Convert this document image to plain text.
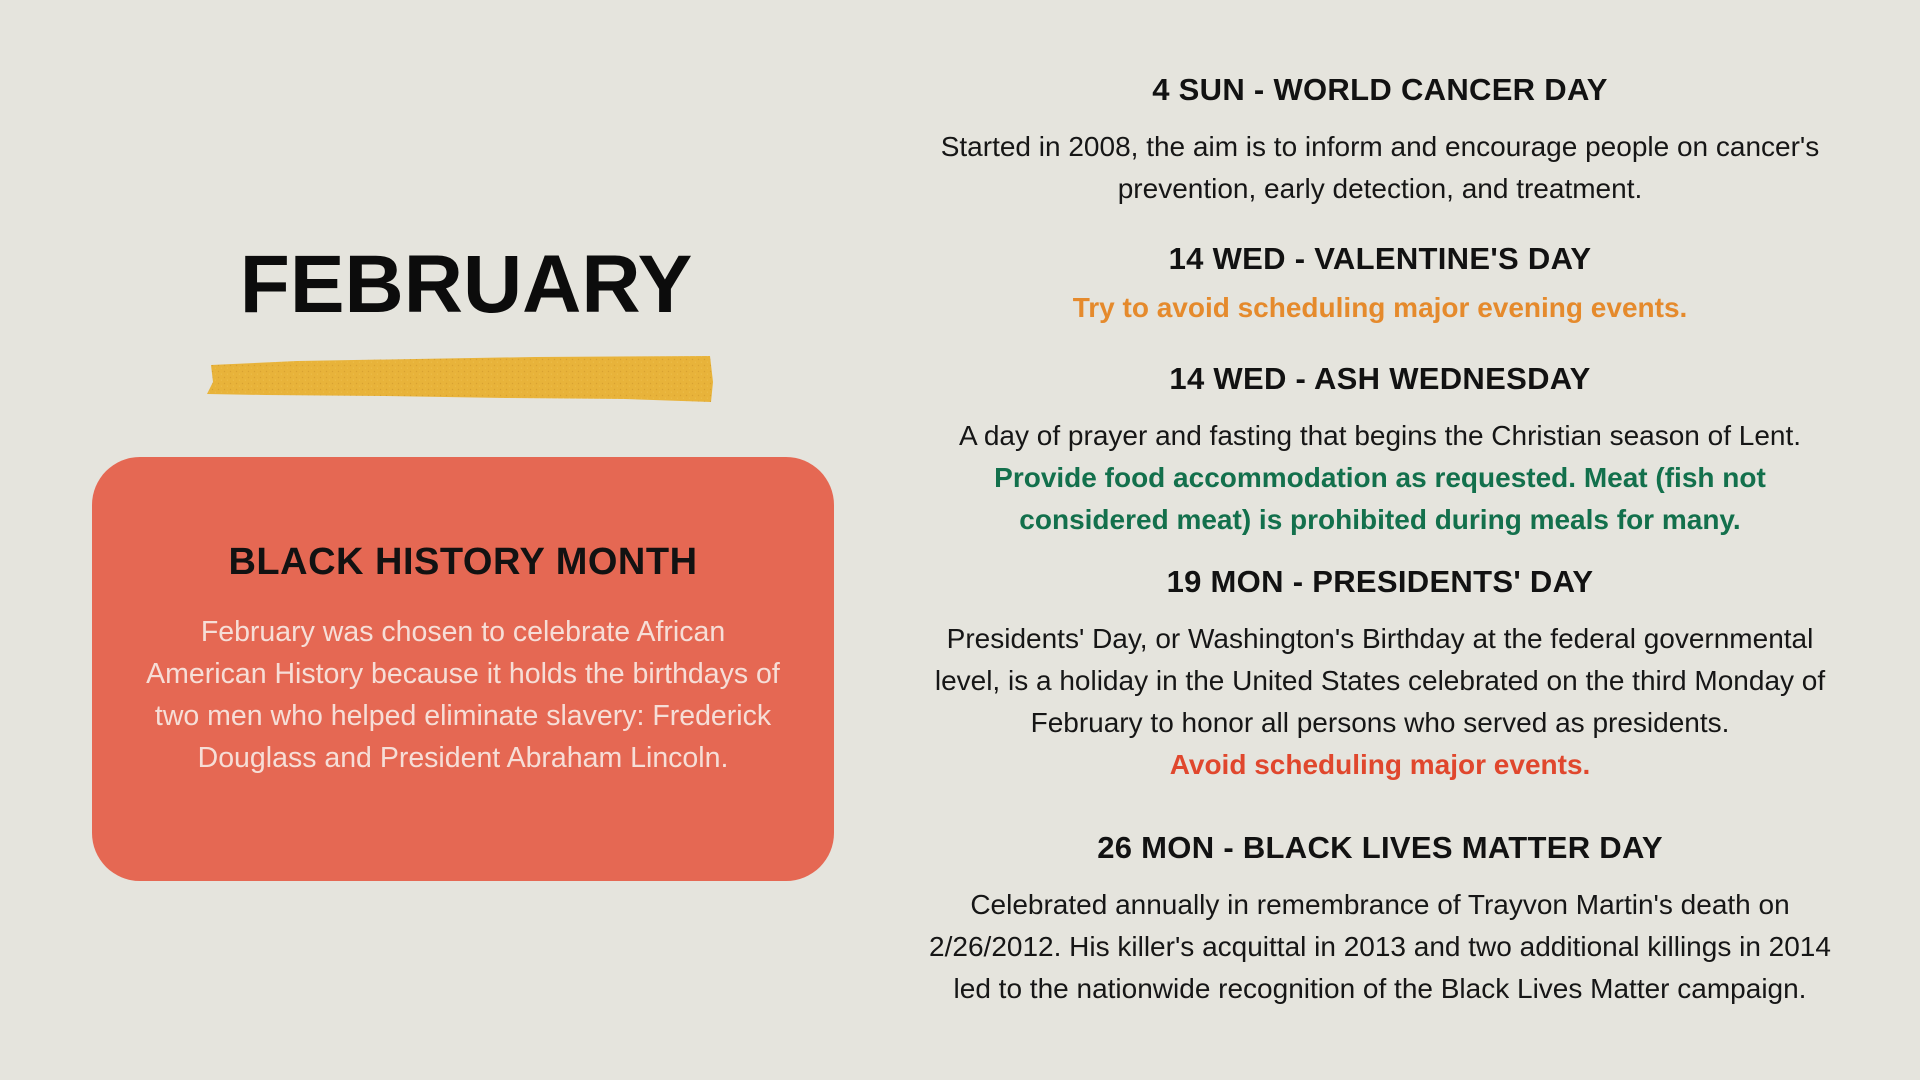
FEBRUARY
BLACK HISTORY MONTH
February was chosen to celebrate African
American History because it holds the birthdays of
two men who helped eliminate slavery: Frederick
Douglass and President Abraham Lincoln.
4 SUN - WORLD CANCER DAY
Started in 2008, the aim is to inform and encourage people on cancer's
prevention, early detection, and treatment.
14 WED - VALENTINE'S DAY
Try to avoid scheduling major evening events.
14 WED - ASH WEDNESDAY
A day of prayer and fasting that begins the Christian season of Lent.
Provide food accommodation as requested. Meat (fish not
considered meat) is prohibited during meals for many.
19 MON - PRESIDENTS' DAY
Presidents' Day, or Washington's Birthday at the federal governmental
level, is a holiday in the United States celebrated on the third Monday of
February to honor all persons who served as presidents.
Avoid scheduling major events.
26 MON - BLACK LIVES MATTER DAY
Celebrated annually in remembrance of Trayvon Martin's death on
2/26/2012. His killer's acquittal in 2013 and two additional killings in 2014
led to the nationwide recognition of the Black Lives Matter campaign.
